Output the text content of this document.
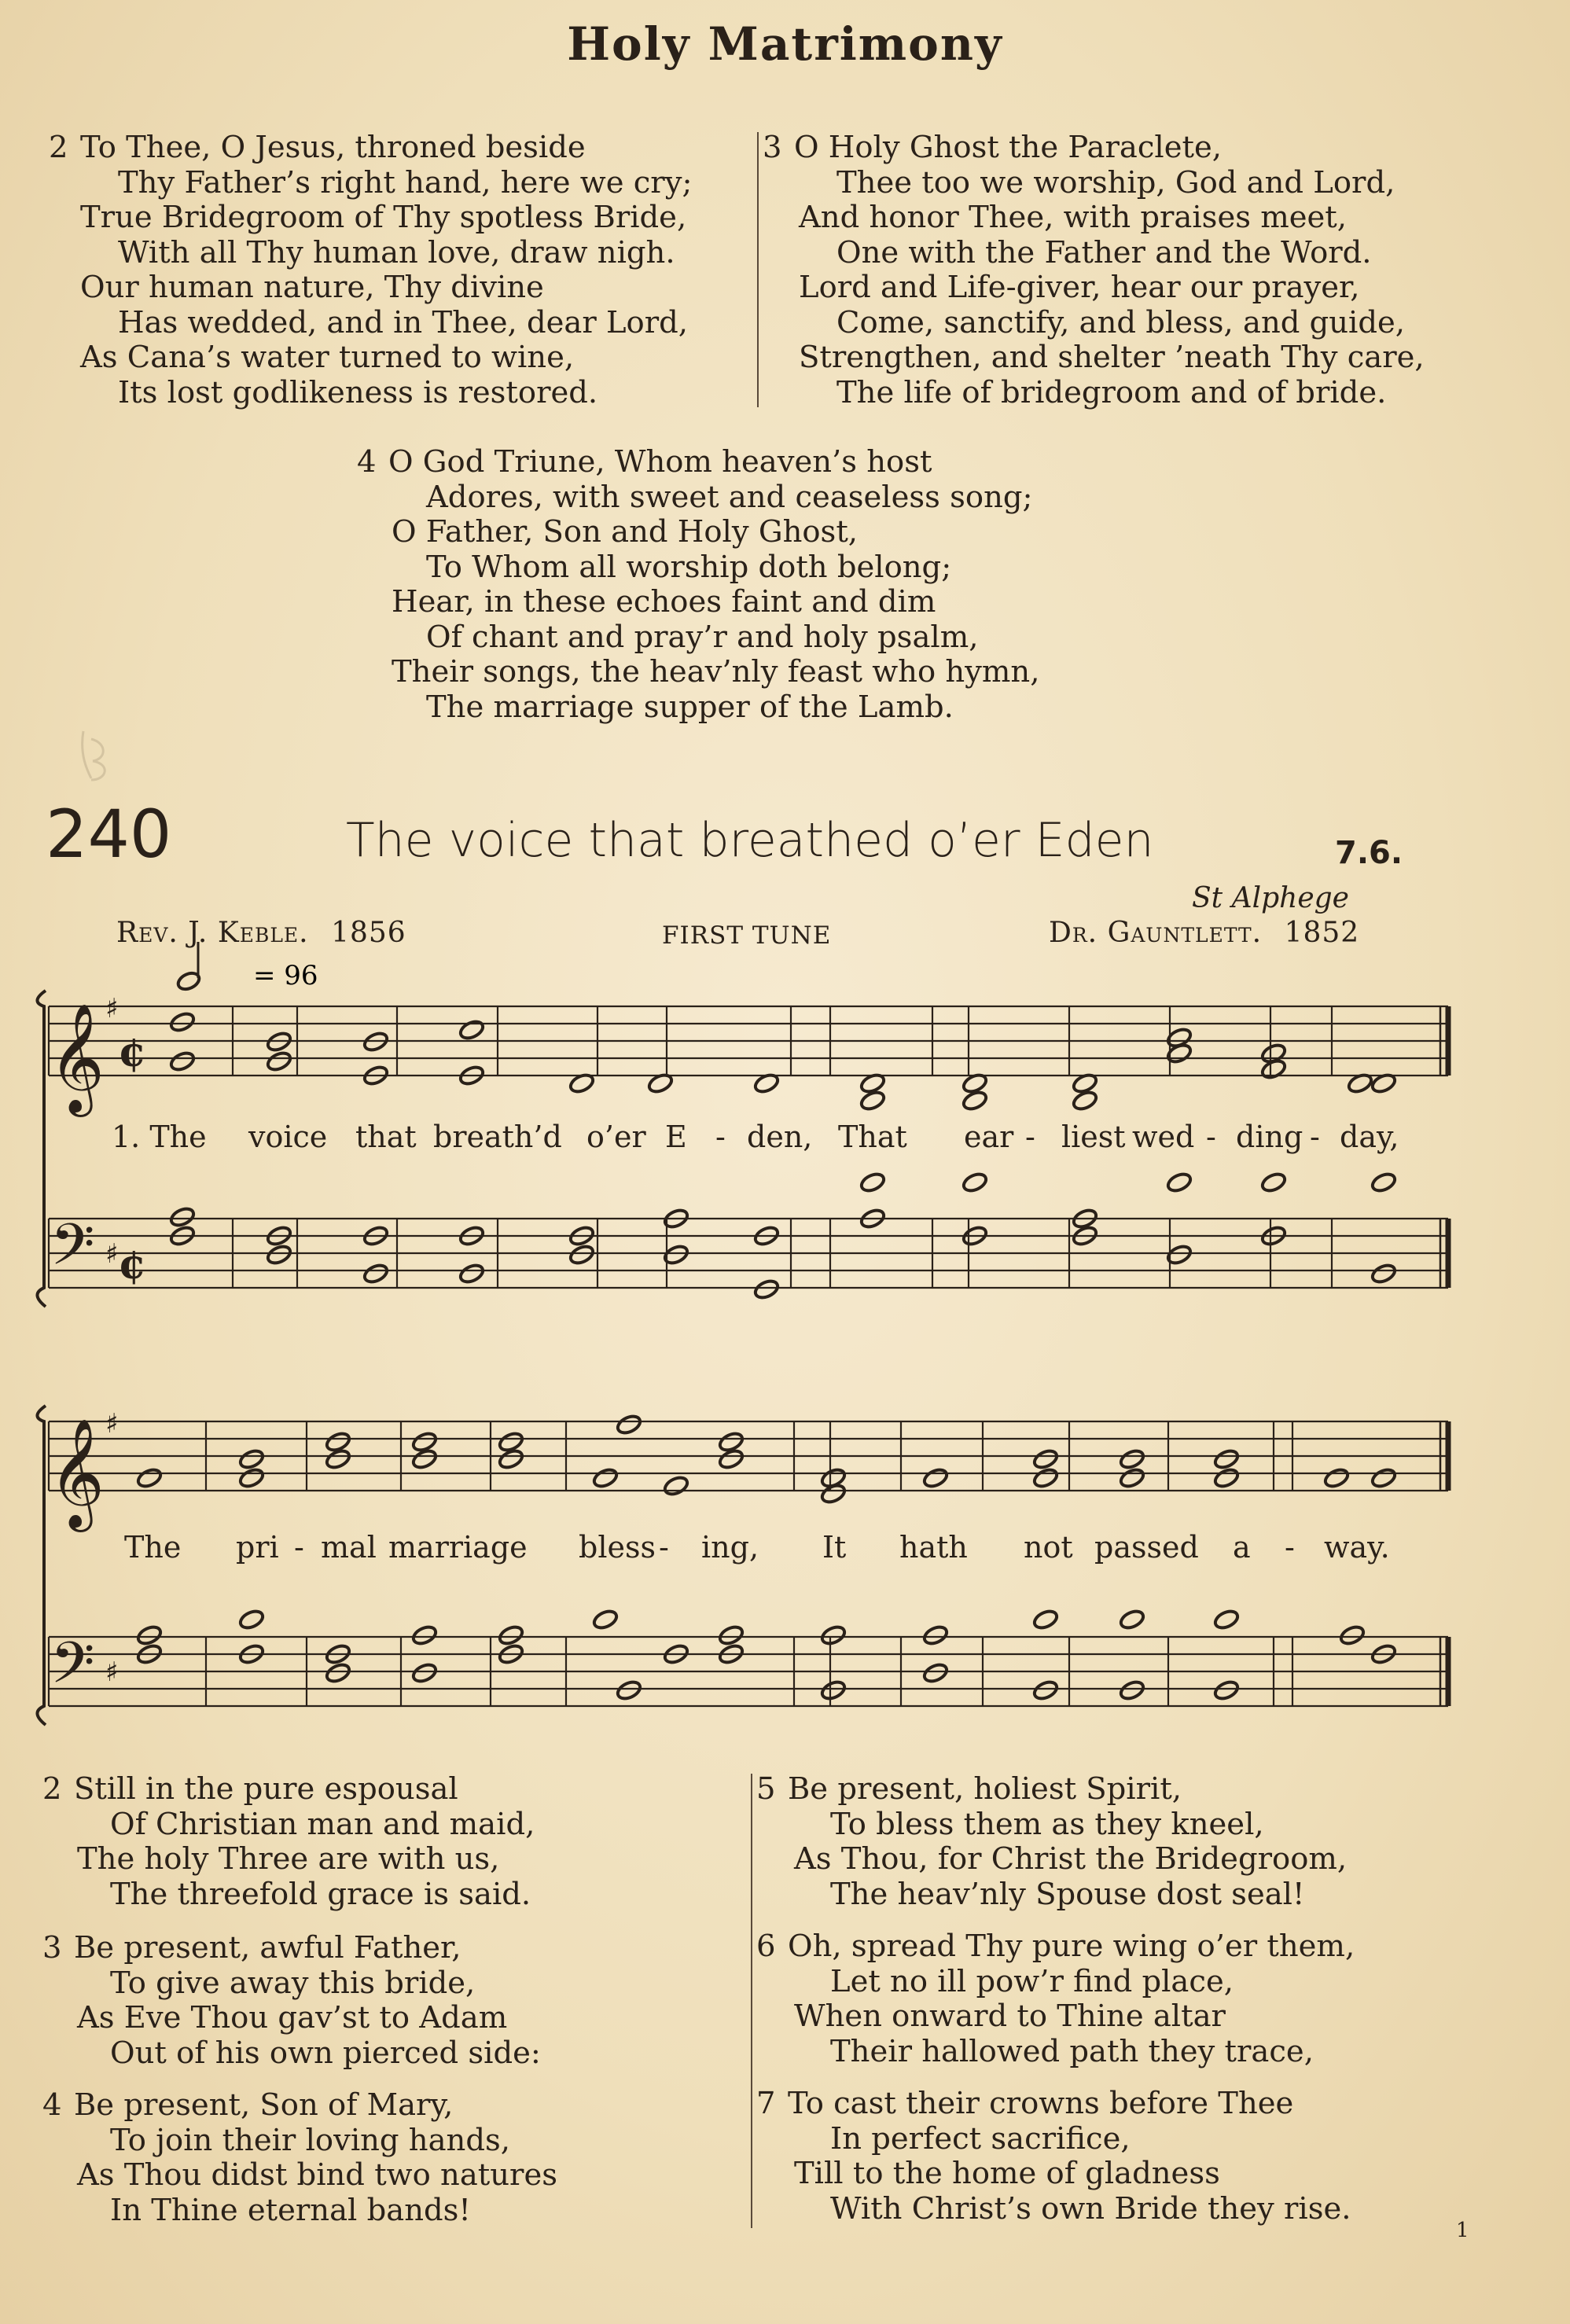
Holy Matrimony
2 To Thee, O Jesus, throned beside
Thy Father’s right hand, here we cry;
True Bridegroom of Thy spotless Bride,
With all Thy human love, draw nigh.
Our human nature, Thy divine
Has wedded, and in Thee, dear Lord,
As Cana’s water turned to wine,
Its lost godlikeness is restored.
3 O Holy Ghost the Paraclete,
Thee too we worship, God and Lord,
And honor Thee, with praises meet,
One with the Father and the Word.
Lord and Life-giver, hear our prayer,
Come, sanctify, and bless, and guide,
Strengthen, and shelter ’neath Thy care,
The life of bridegroom and of bride.
4 O God Triune, Whom heaven’s host
Adores, with sweet and ceaseless song;
O Father, Son and Holy Ghost,
To Whom all worship doth belong;
Hear, in these echoes faint and dim
Of chant and pray’r and holy psalm,
Their songs, the heav’nly feast who hymn,
The marriage supper of the Lamb.
240	The voice that breathed o’er Eden	7.6.
St Alphege
Rev. J. Keble. 1856	FIRST TUNE	Dr. Gauntlett. 1852
𝄞 ♯
¢
𝄢 ♯ ¢
𝄞 ♯
𝄢 ♯
= 96
1. The voice that breath’d o’er E - den, That ear - liest wed - ding - day,
The pri - mal marriage bless - ing, It hath not passed a - way.
2 Still in the pure espousal
Of Christian man and maid,
The holy Three are with us,
The threefold grace is said.
3 Be present, awful Father,
To give away this bride,
As Eve Thou gav’st to Adam
Out of his own pierced side:
4 Be present, Son of Mary,
To join their loving hands,
As Thou didst bind two natures
In Thine eternal bands!
5 Be present, holiest Spirit,
To bless them as they kneel,
As Thou, for Christ the Bridegroom,
The heav’nly Spouse dost seal!
6 Oh, spread Thy pure wing o’er them,
Let no ill pow’r find place,
When onward to Thine altar
Their hallowed path they trace,
7 To cast their crowns before Thee
In perfect sacrifice,
Till to the home of gladness
With Christ’s own Bride they rise.
1
